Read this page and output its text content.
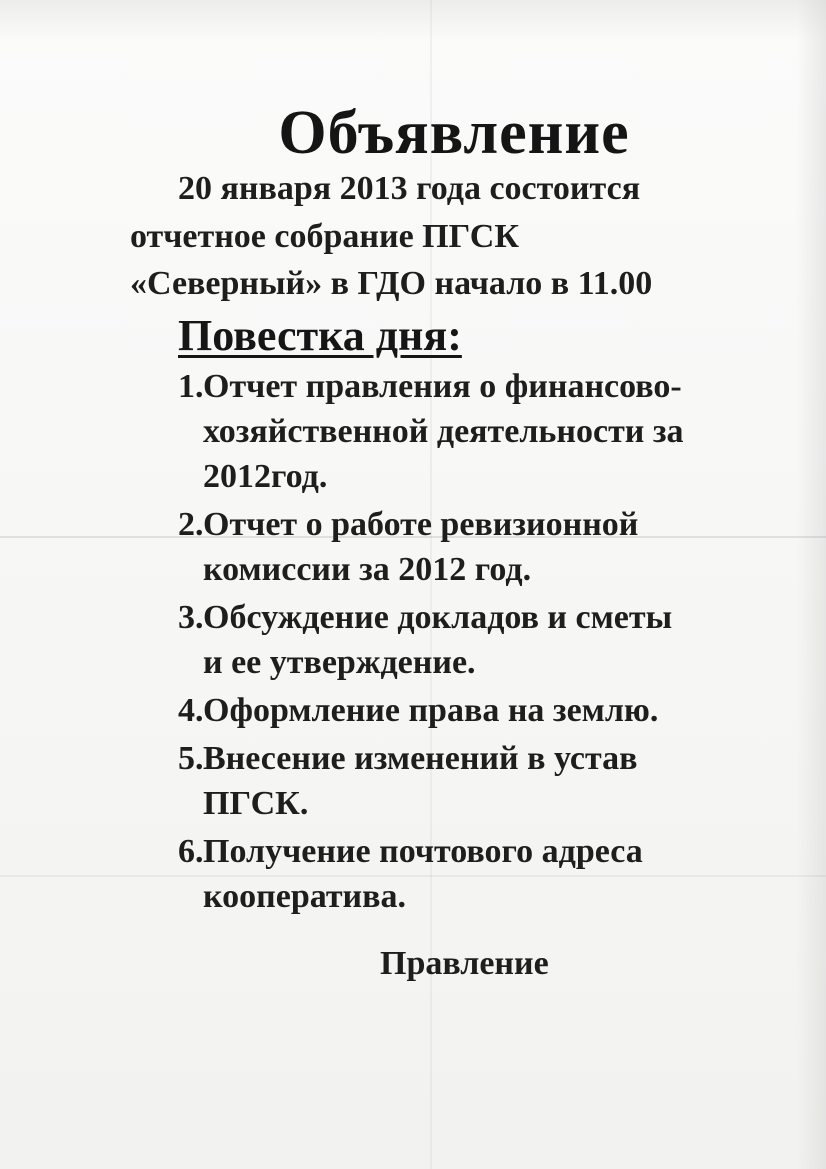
Объявление
20 января 2013 года состоится
отчетное собрание ПГСК
«Северный» в ГДО начало в 11.00
Повестка дня:
1. Отчет правления о финансово-
хозяйственной деятельности за
2012год.
2. Отчет о работе ревизионной
комиссии за 2012 год.
3. Обсуждение докладов и сметы
и ее утверждение.
4. Оформление права на землю.
5. Внесение изменений в устав
ПГСК.
6. Получение почтового адреса
кооператива.
Правление
